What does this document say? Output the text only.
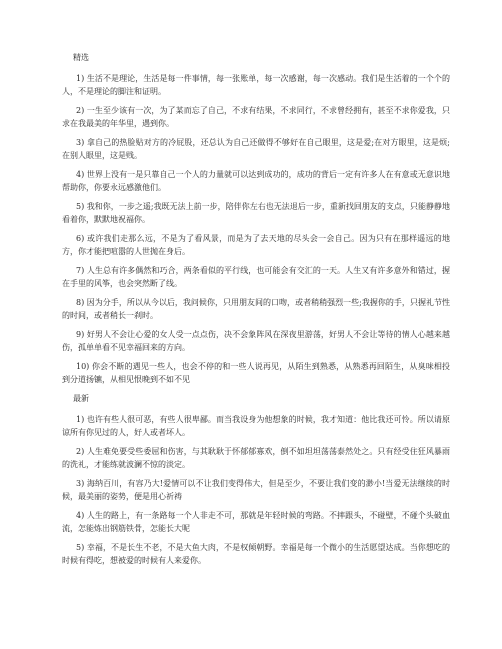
精选

1) 生活不是理论，生活是每一件事情，每一张账单，每一次感谢，每一次感动。我们是生活着的一个个的人，不是理论的脚注和证明。

2) 一生至少该有一次，为了某而忘了自己，不求有结果，不求同行，不求曾经拥有，甚至不求你爱我，只求在我最美的年华里，遇到你。

3) 拿自己的热脸贴对方的冷屁股，还总认为自己还做得不够好在自己眼里，这是爱;在对方眼里，这是烦;在别人眼里，这是贱。

4) 世界上没有一是只靠自己一个人的力量就可以达到成功的，成功的背后一定有许多人在有意或无意识地帮助你，你要永远感激他们。

5) 我和你，一步之遥;我既无法上前一步，陪伴你左右也无法退后一步，重新找回朋友的支点，只能静静地看着你，默默地祝福你。

6) 或许我们走那么远，不是为了看风景，而是为了去天地的尽头会一会自己。因为只有在那样遥远的地方，你才能把喧嚣的人世抛在身后。

7) 人生总有许多偶然和巧合，两条看似的平行线，也可能会有交汇的一天。人生又有许多意外和错过，握在手里的风筝，也会突然断了线。

8) 因为分手，所以从今以后，我问候你，只用朋友间的口吻，或者稍稍强烈一些;我握你的手，只握礼节性的时间，或者稍长一刹时。

9) 好男人不会让心爱的女人受一点点伤，决不会象阵风在深夜里游荡，好男人不会让等待的情人心越来越伤，孤单单看不见幸福回来的方向。

10) 你会不断的遇见一些人，也会不停的和一些人说再见，从陌生到熟悉，从熟悉再回陌生，从臭味相投到分道扬镳，从相见恨晚到不如不见

最新

1) 也许有些人很可恶，有些人很卑鄙。而当我设身为他想象的时候，我才知道：他比我还可怜。所以请原谅所有你见过的人，好人或者坏人。

2) 人生难免要受些委屈和伤害，与其耿耿于怀郁郁寡欢，倒不如坦坦荡荡泰然处之。只有经受住狂风暴雨的洗礼，才能练就波澜不惊的淡定。

3) 海纳百川，有容乃大!爱情可以不让我们变得伟大，但是至少，不要让我们变的渺小!当爱无法继续的时候，最美丽的姿势，便是用心祈祷

4) 人生的路上，有一条路每一个人非走不可，那就是年轻时候的弯路。不摔跟头，不碰壁，不碰个头破血流，怎能炼出钢筋铁骨，怎能长大呢

5) 幸福，不是长生不老，不是大鱼大肉，不是权倾朝野。幸福是每一个微小的生活愿望达成。当你想吃的时候有得吃，想被爱的时候有人来爱你。
